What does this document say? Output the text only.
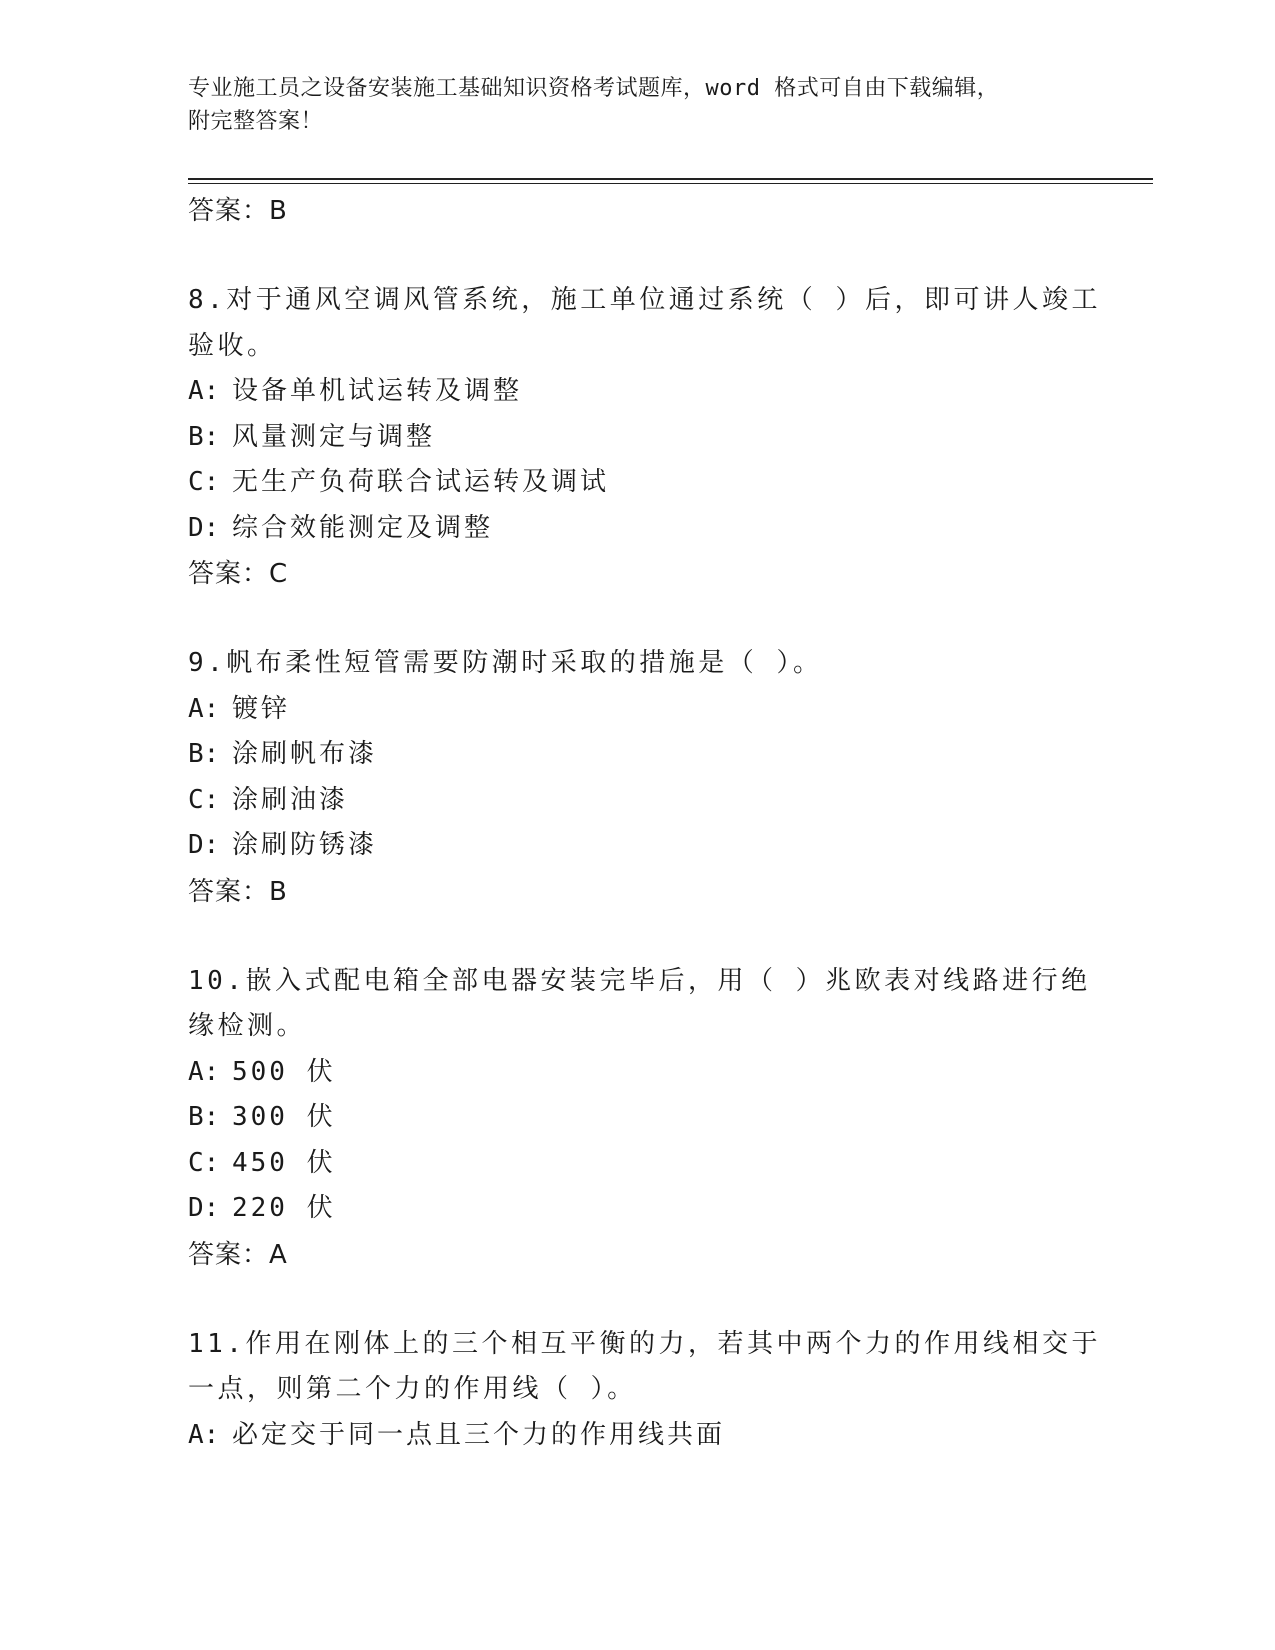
专业施工员之设备安装施工基础知识资格考试题库，word 格式可自由下载编辑，
附完整答案！
答案：B
8.对于通风空调风管系统，施工单位通过系统（ ）后，即可讲人竣工
验收。
A: 设备单机试运转及调整
B: 风量测定与调整
C: 无生产负荷联合试运转及调试
D: 综合效能测定及调整
答案：C
9.帆布柔性短管需要防潮时采取的措施是（ ）。
A: 镀锌
B: 涂刷帆布漆
C: 涂刷油漆
D: 涂刷防锈漆
答案：B
10.嵌入式配电箱全部电器安装完毕后，用（ ）兆欧表对线路进行绝
缘检测。
A: 500 伏
B: 300 伏
C: 450 伏
D: 220 伏
答案：A
11.作用在刚体上的三个相互平衡的力，若其中两个力的作用线相交于
一点，则第二个力的作用线（ ）。
A: 必定交于同一点且三个力的作用线共面
